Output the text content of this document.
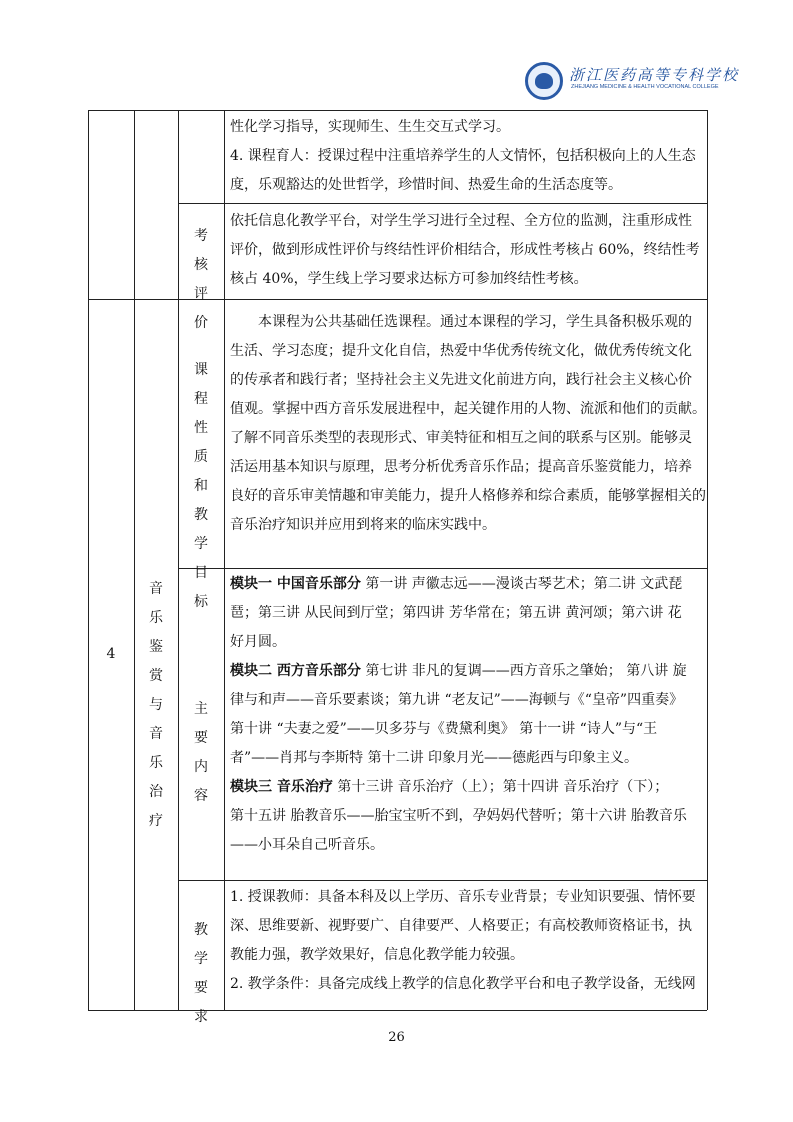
浙江医药高等专科学校
ZHEJIANG MEDICINE & HEALTH VOCATIONAL COLLEGE
性化学习指导，实现师生、生生交互式学习。
4. 课程育人：授课过程中注重培养学生的人文情怀，包括积极向上的人生态
度，乐观豁达的处世哲学，珍惜时间、热爱生命的生活态度等。
考核
评价
依托信息化教学平台，对学生学习进行全过程、全方位的监测，注重形成性
评价，做到形成性评价与终结性评价相结合，形成性考核占 60%，终结性考
核占 40%，学生线上学习要求达标方可参加终结性考核。
4
音乐
鉴赏
与音
乐治
疗
课程
性质
和教
学目
标
本课程为公共基础任选课程。通过本课程的学习，学生具备积极乐观的
生活、学习态度；提升文化自信，热爱中华优秀传统文化，做优秀传统文化
的传承者和践行者；坚持社会主义先进文化前进方向，践行社会主义核心价
值观。掌握中西方音乐发展进程中，起关键作用的人物、流派和他们的贡献。
了解不同音乐类型的表现形式、审美特征和相互之间的联系与区别。能够灵
活运用基本知识与原理，思考分析优秀音乐作品；提高音乐鉴赏能力，培养
良好的音乐审美情趣和审美能力，提升人格修养和综合素质，能够掌握相关的
音乐治疗知识并应用到将来的临床实践中。
主要
内容
模块一 中国音乐部分 第一讲 声徽志远——漫谈古琴艺术；第二讲 文武琵
琶；第三讲 从民间到厅堂；第四讲 芳华常在；第五讲 黄河颂；第六讲 花
好月圆。
模块二 西方音乐部分 第七讲 非凡的复调——西方音乐之肇始； 第八讲 旋
律与和声——音乐要素谈；第九讲 “老友记”——海顿与《“皇帝”四重奏》
第十讲 “夫妻之爱”——贝多芬与《费黛利奥》 第十一讲 “诗人”与“王
者”——肖邦与李斯特 第十二讲 印象月光——德彪西与印象主义。
模块三 音乐治疗 第十三讲 音乐治疗（上）；第十四讲 音乐治疗（下）；
第十五讲 胎教音乐——胎宝宝听不到，孕妈妈代替听；第十六讲 胎教音乐
——小耳朵自己听音乐。
教学
要求
1. 授课教师：具备本科及以上学历、音乐专业背景；专业知识要强、情怀要
深、思维要新、视野要广、自律要严、人格要正；有高校教师资格证书，执
教能力强，教学效果好，信息化教学能力较强。
2. 教学条件：具备完成线上教学的信息化教学平台和电子教学设备，无线网
26
